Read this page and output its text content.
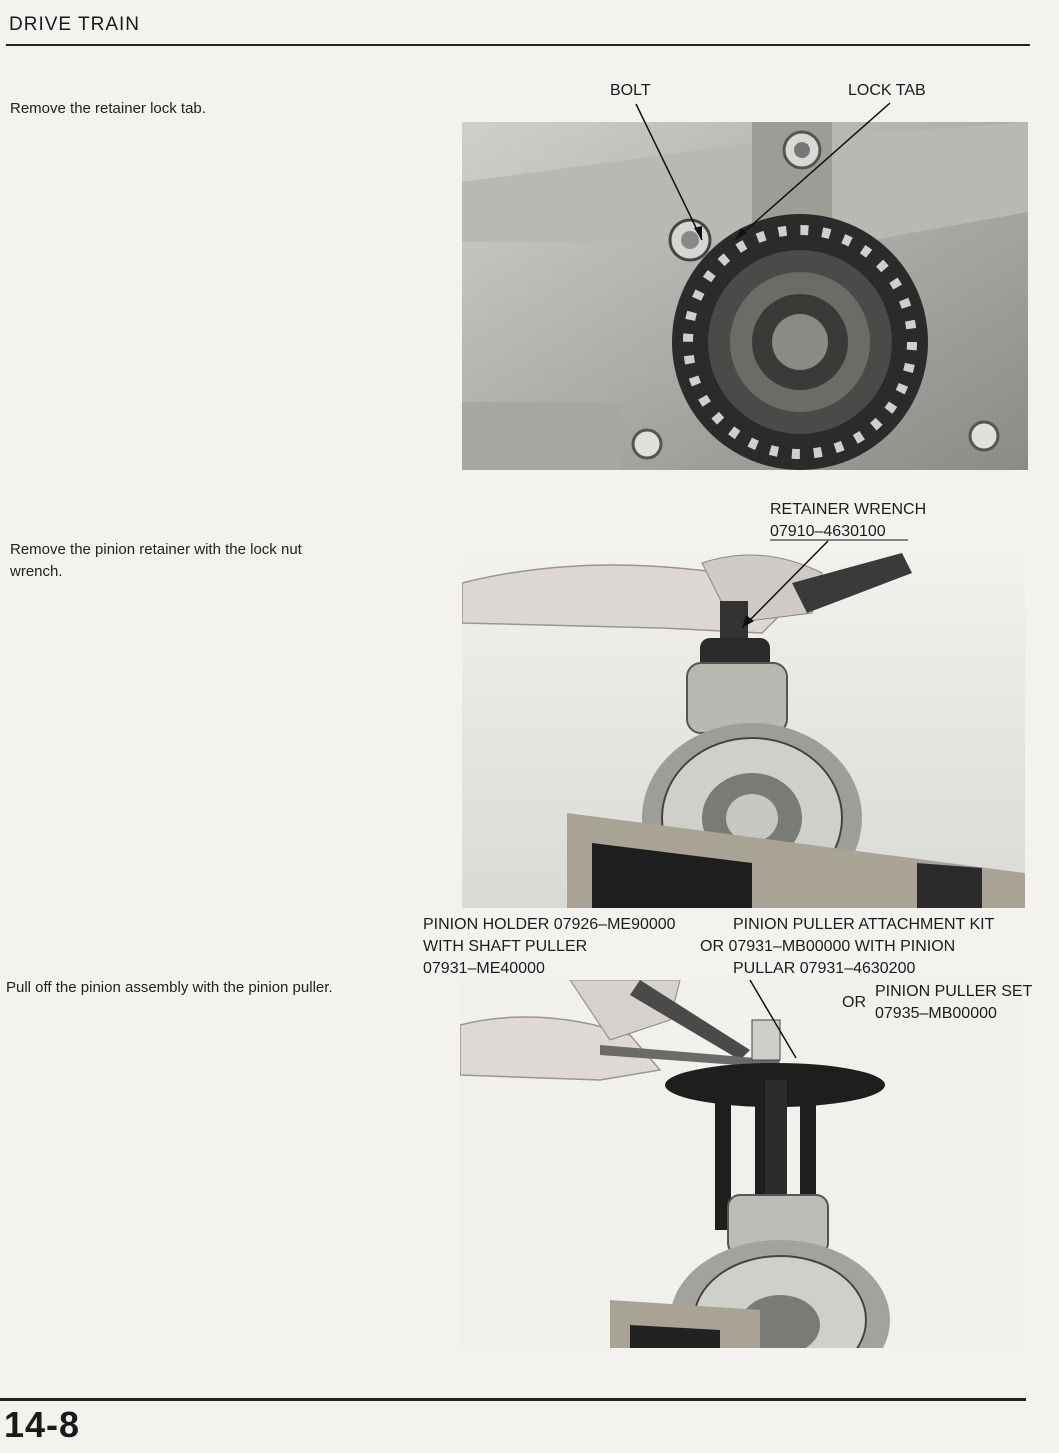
DRIVE TRAIN
Remove the retainer lock tab.
Remove the pinion retainer with the lock nut
wrench.
Pull off the pinion assembly with the pinion puller.
BOLT	LOCK TAB
RETAINER WRENCH
07910–4630100
PINION HOLDER 07926–ME90000
WITH SHAFT PULLER
07931–ME40000
PINION PULLER ATTACHMENT KIT
OR 07931–MB00000 WITH PINION
PULLAR 07931–4630200
OR
PINION PULLER SET
07935–MB00000
14-8
